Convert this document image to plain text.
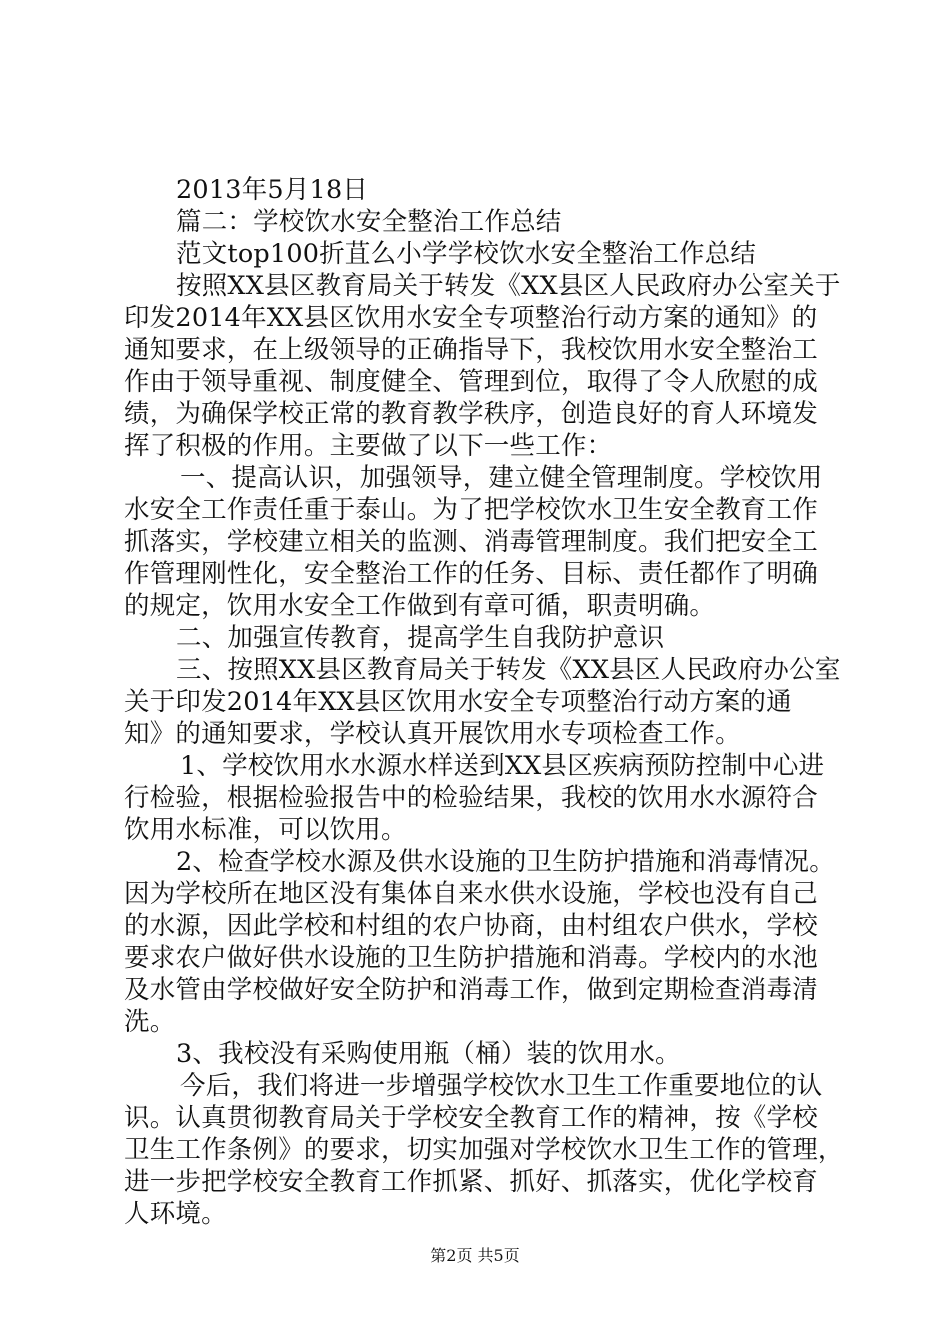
2013年5月18日
篇二：学校饮水安全整治工作总结
范文top100折苴么小学学校饮水安全整治工作总结
按照XX县区教育局关于转发《XX县区人民政府办公室关于
印发2014年XX县区饮用水安全专项整治行动方案的通知》的
通知要求，在上级领导的正确指导下，我校饮用水安全整治工
作由于领导重视、制度健全、管理到位，取得了令人欣慰的成
绩，为确保学校正常的教育教学秩序，创造良好的育人环境发
挥了积极的作用。主要做了以下一些工作：
一、提高认识，加强领导，建立健全管理制度。学校饮用
水安全工作责任重于泰山。为了把学校饮水卫生安全教育工作
抓落实，学校建立相关的监测、消毒管理制度。我们把安全工
作管理刚性化，安全整治工作的任务、目标、责任都作了明确
的规定，饮用水安全工作做到有章可循，职责明确。
二、加强宣传教育，提高学生自我防护意识
三、按照XX县区教育局关于转发《XX县区人民政府办公室
关于印发2014年XX县区饮用水安全专项整治行动方案的通
知》的通知要求，学校认真开展饮用水专项检查工作。
1、学校饮用水水源水样送到XX县区疾病预防控制中心进
行检验，根据检验报告中的检验结果，我校的饮用水水源符合
饮用水标准，可以饮用。
2、检查学校水源及供水设施的卫生防护措施和消毒情况。
因为学校所在地区没有集体自来水供水设施，学校也没有自己
的水源，因此学校和村组的农户协商，由村组农户供水，学校
要求农户做好供水设施的卫生防护措施和消毒。学校内的水池
及水管由学校做好安全防护和消毒工作，做到定期检查消毒清
洗。
3、我校没有采购使用瓶（桶）装的饮用水。
今后，我们将进一步增强学校饮水卫生工作重要地位的认
识。认真贯彻教育局关于学校安全教育工作的精神，按《学校
卫生工作条例》的要求，切实加强对学校饮水卫生工作的管理，
进一步把学校安全教育工作抓紧、抓好、抓落实，优化学校育
人环境。
第2页 共5页
